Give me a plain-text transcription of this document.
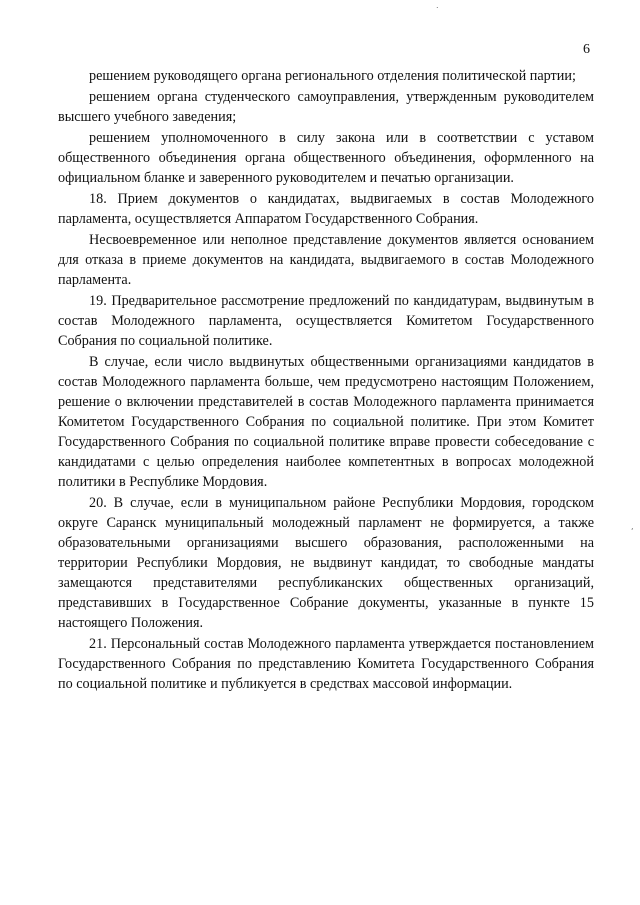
.
,
6

решением руководящего органа регионального отделения политической партии;

решением органа студенческого самоуправления, утвержденным руководителем высшего учебного заведения;

решением уполномоченного в силу закона или в соответствии с уставом общественного объединения органа общественного объединения, оформленного на официальном бланке и заверенного руководителем и печатью организации.

18. Прием документов о кандидатах, выдвигаемых в состав Молодежного парламента, осуществляется Аппаратом Государственного Собрания.

Несвоевременное или неполное представление документов является основанием для отказа в приеме документов на кандидата, выдвигаемого в состав Молодежного парламента.

19. Предварительное рассмотрение предложений по кандидатурам, выдвинутым в состав Молодежного парламента, осуществляется Комитетом Государственного Собрания по социальной политике.

В случае, если число выдвинутых общественными организациями кандидатов в состав Молодежного парламента больше, чем предусмотрено настоящим Положением, решение о включении представителей в состав Молодежного парламента принимается Комитетом Государственного Собрания по социальной политике. При этом Комитет Государственного Собрания по социальной политике вправе провести собеседование с кандидатами с целью определения наиболее компетентных в вопросах молодежной политики в Республике Мордовия.

20. В случае, если в муниципальном районе Республики Мордовия, городском округе Саранск муниципальный молодежный парламент не формируется, а также образовательными организациями высшего образования, расположенными на территории Республики Мордовия, не выдвинут кандидат, то свободные мандаты замещаются представителями республиканских общественных организаций, представивших в Государственное Собрание документы, указанные в пункте 15 настоящего Положения.

21. Персональный состав Молодежного парламента утверждается постановлением Государственного Собрания по представлению Комитета Государственного Собрания по социальной политике и публикуется в средствах массовой информации.
